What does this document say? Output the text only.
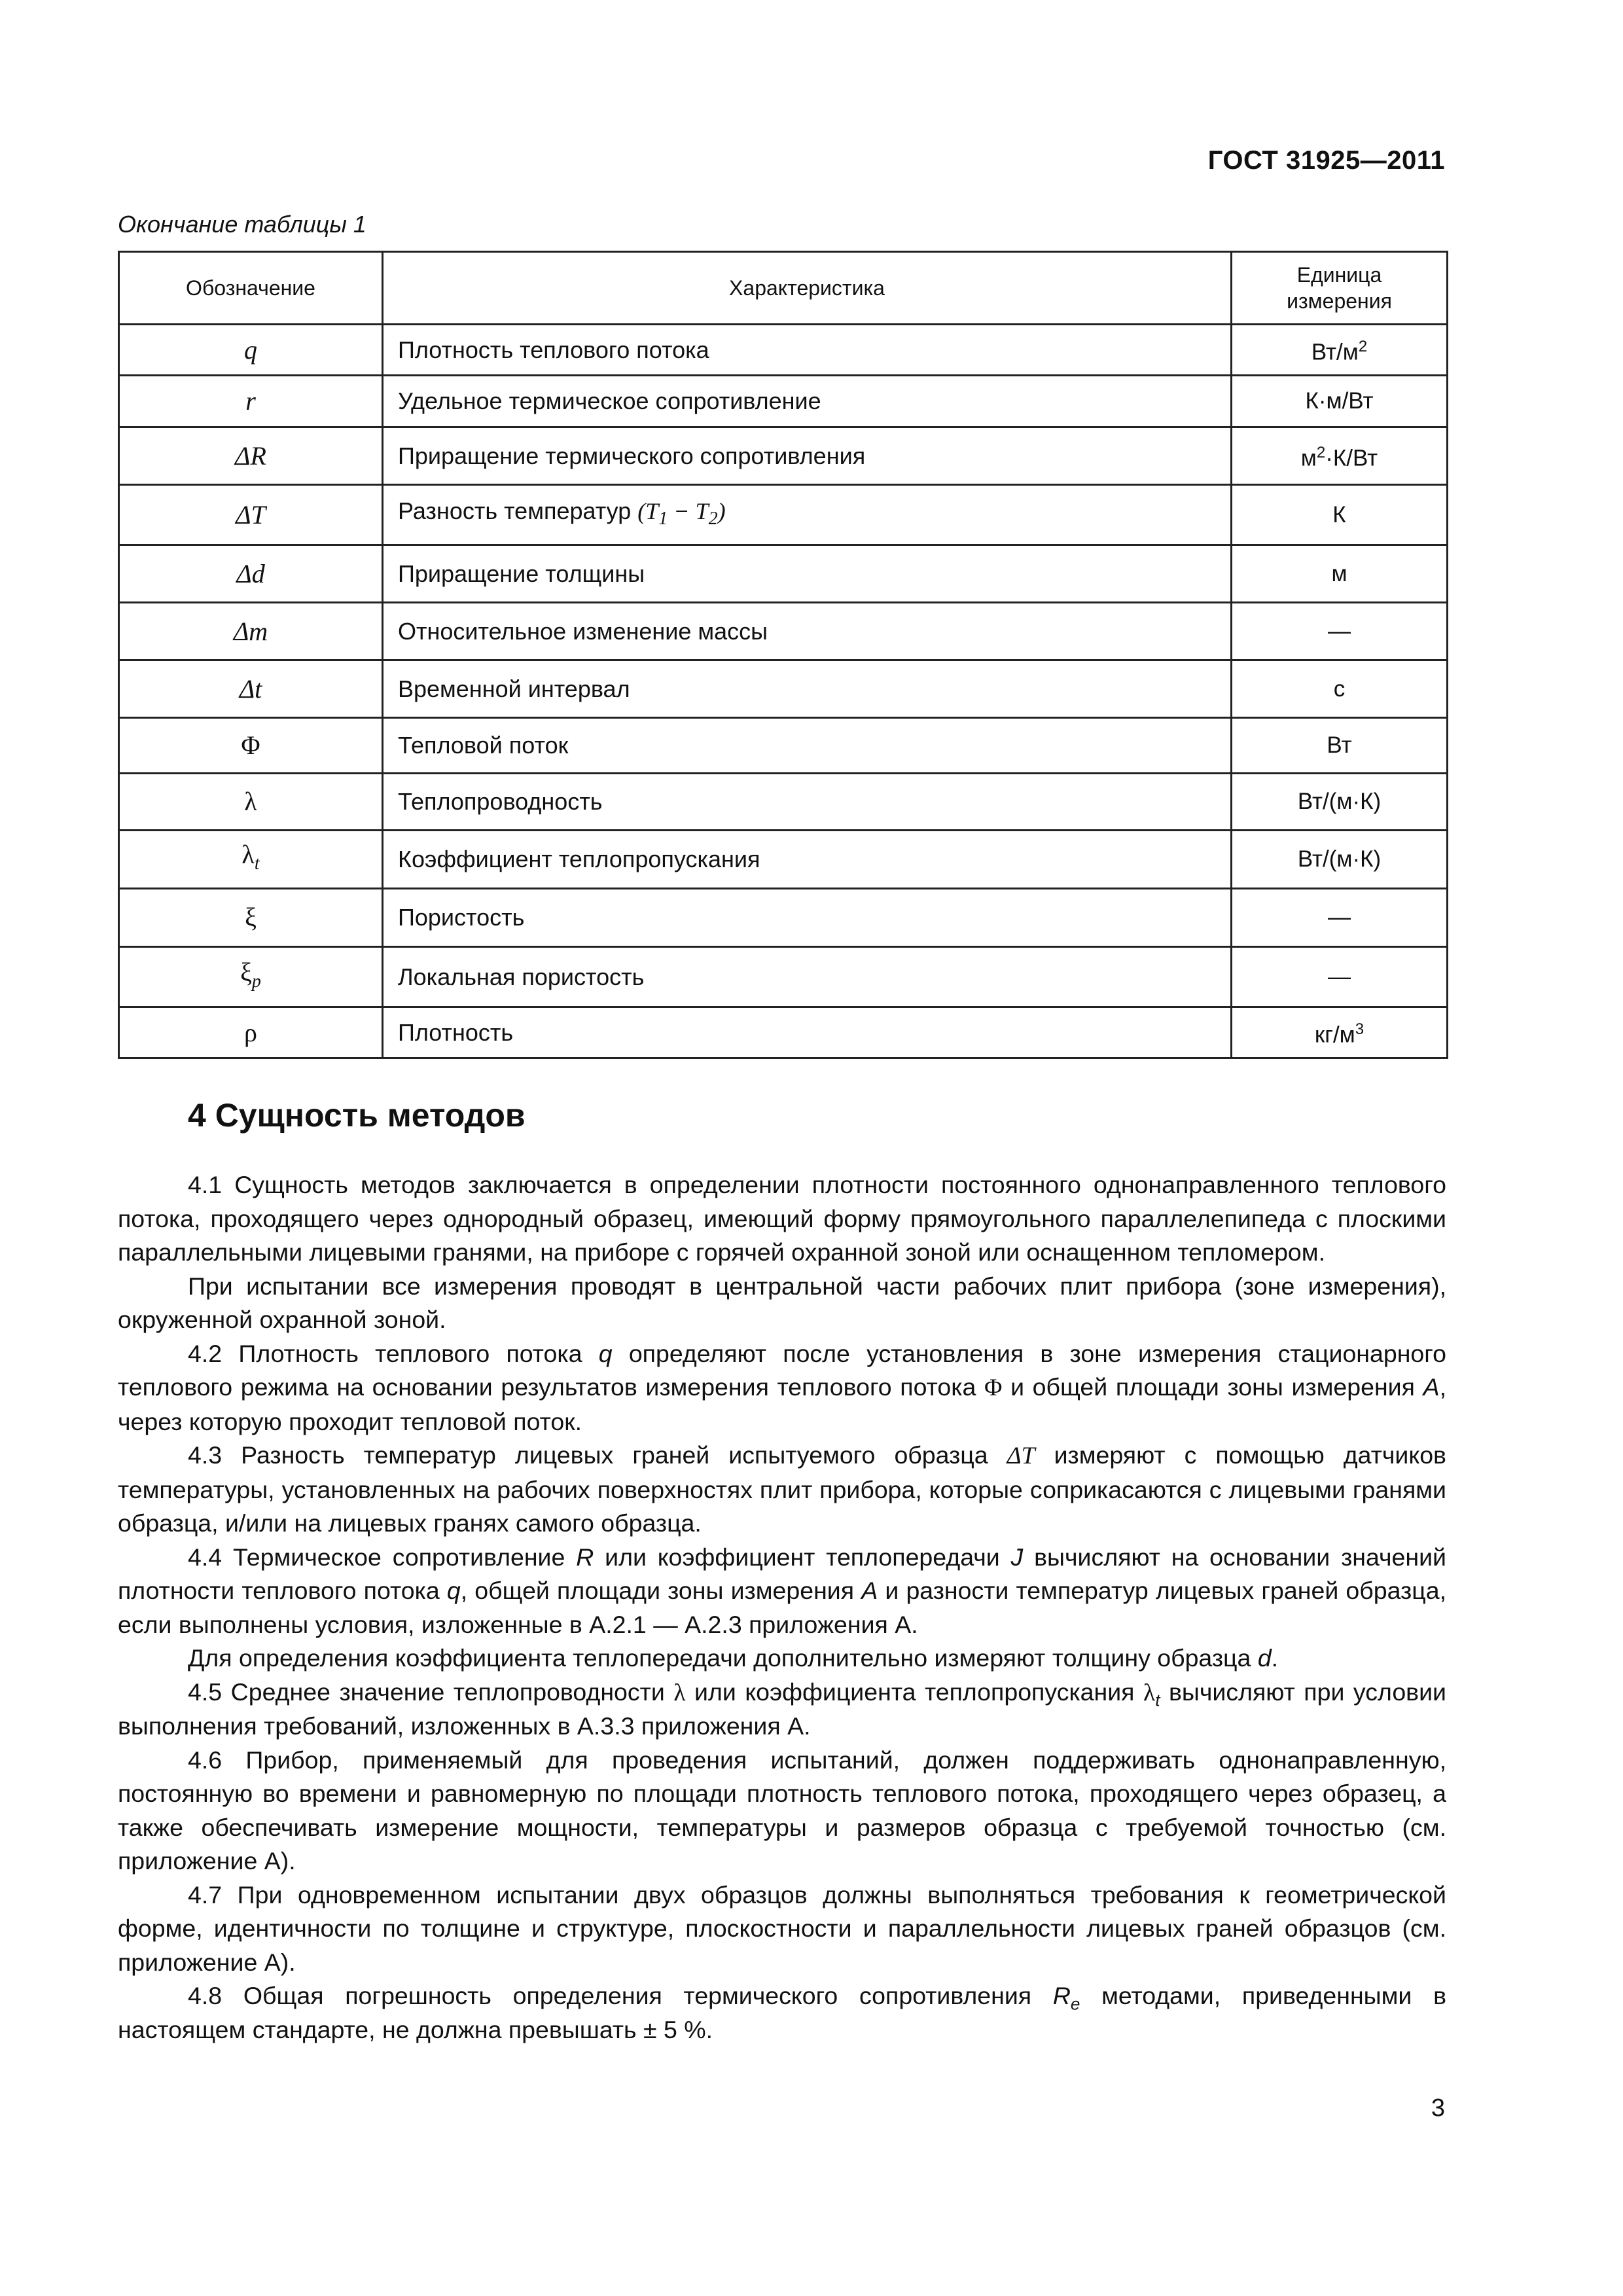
ГОСТ 31925—2011
Окончание таблицы 1
Обозначение	Характеристика	Единица
измерения
q	Плотность теплового потока	$Вт/м^2$
r	Удельное термическое сопротивление	К·м/Вт
ΔR	Приращение термического сопротивления	$м^2\cdot К/Вт$
ΔT	Разность температур $(T_1 - T_2)$	К
Δd	Приращение толщины	м
Δm	Относительное изменение массы	—
Δt	Временной интервал	с
Φ	Тепловой поток	Вт
λ	Теплопроводность	Вт/(м·К)
$\lambda_t$	Коэффициент теплопропускания	Вт/(м·К)
ξ	Пористость	—
$\xi_p$	Локальная пористость	—
ρ	Плотность	$кг/м^3$
4 Сущность методов

4.1 Сущность методов заключается в определении плотности постоянного однонаправленного теплового потока, проходящего через однородный образец, имеющий форму прямоугольного параллелепипеда с плоскими параллельными лицевыми гранями, на приборе с горячей охранной зоной или оснащенном тепломером.

При испытании все измерения проводят в центральной части рабочих плит прибора (зоне измерения), окруженной охранной зоной.

4.2 Плотность теплового потока q определяют после установления в зоне измерения стационарного теплового режима на основании результатов измерения теплового потока Φ и общей площади зоны измерения A, через которую проходит тепловой поток.

4.3 Разность температур лицевых граней испытуемого образца ΔT измеряют с помощью датчиков температуры, установленных на рабочих поверхностях плит прибора, которые соприкасаются с лицевыми гранями образца, и/или на лицевых гранях самого образца.

4.4 Термическое сопротивление R или коэффициент теплопередачи J вычисляют на основании значений плотности теплового потока q, общей площади зоны измерения A и разности температур лицевых граней образца, если выполнены условия, изложенные в А.2.1 — А.2.3 приложения А.

Для определения коэффициента теплопередачи дополнительно измеряют толщину образца d.

4.5 Среднее значение теплопроводности λ или коэффициента теплопропускания $\lambda_t$ вычисляют при условии выполнения требований, изложенных в А.3.3 приложения А.

4.6 Прибор, применяемый для проведения испытаний, должен поддерживать однонаправленную, постоянную во времени и равномерную по площади плотность теплового потока, проходящего через образец, а также обеспечивать измерение мощности, температуры и размеров образца с требуемой точностью (см. приложение А).

4.7 При одновременном испытании двух образцов должны выполняться требования к геометрической форме, идентичности по толщине и структуре, плоскостности и параллельности лицевых граней образцов (см. приложение А).

4.8 Общая погрешность определения термического сопротивления $R_e$ методами, приведенными в настоящем стандарте, не должна превышать ± 5 %.

3
